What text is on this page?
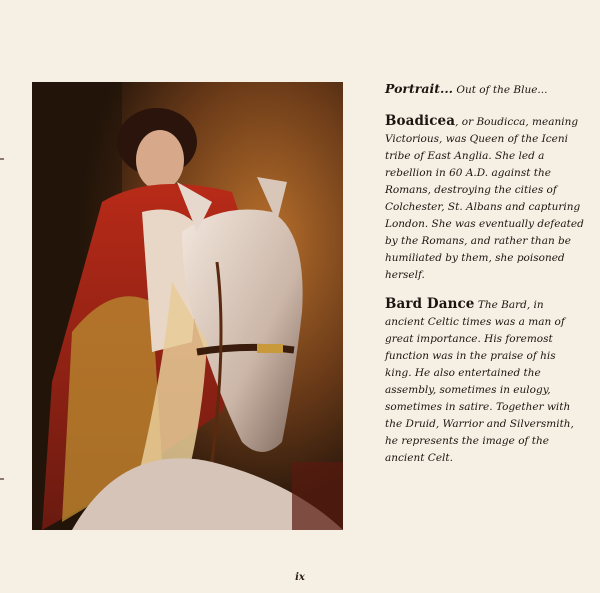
Portrait... Out of the Blue...

Boadicea, or Boudicca, meaning Victorious, was Queen of the Iceni tribe of East Anglia. She led a rebellion in 60 A.D. against the Romans, destroying the cities of Colchester, St. Albans and capturing London. She was eventually defeated by the Romans, and rather than be humiliated by them, she poisoned herself.

Bard Dance The Bard, in ancient Celtic times was a man of great importance. His foremost function was in the praise of his king. He also entertained the assembly, sometimes in eulogy, sometimes in satire. Together with the Druid, Warrior and Silversmith, he represents the image of the ancient Celt.

ix
